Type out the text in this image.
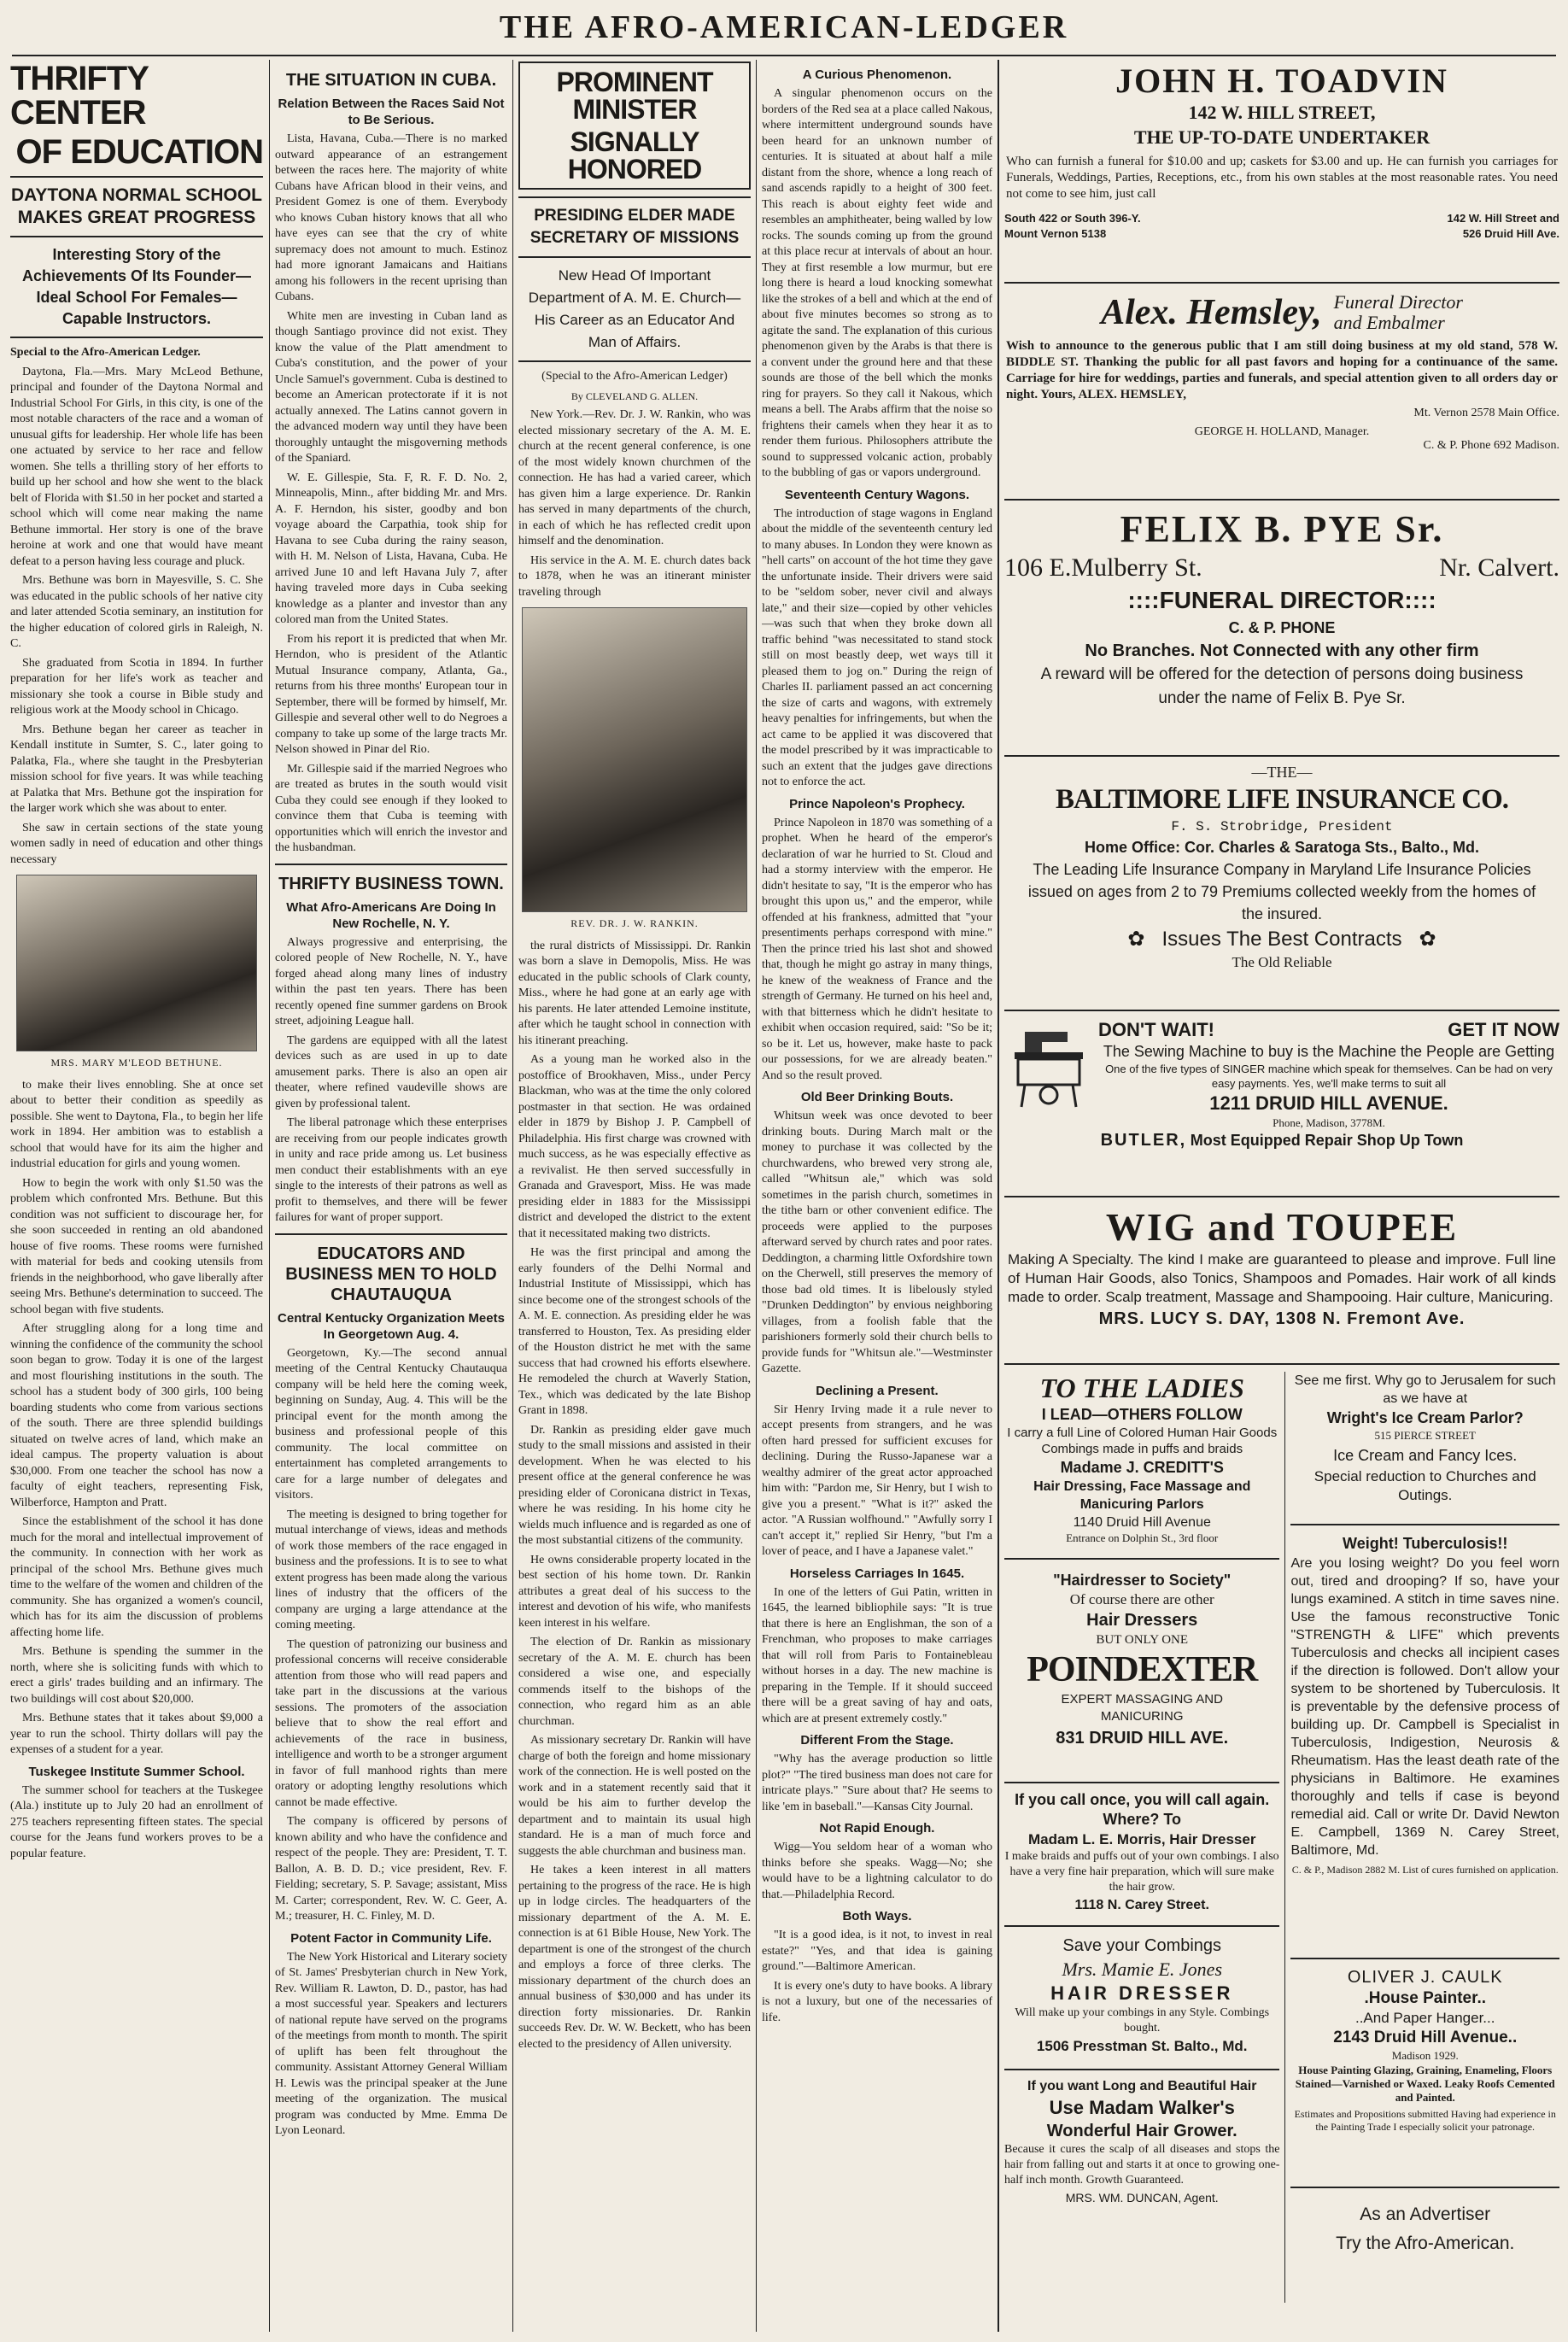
THE AFRO-AMERICAN-LEDGER
THRIFTY CENTER
OF EDUCATION
DAYTONA NORMAL SCHOOL MAKES GREAT PROGRESS
Interesting Story of the Achievements Of Its Founder—Ideal School For Females—Capable Instructors.

Special to the Afro-American Ledger.

Daytona, Fla.—Mrs. Mary McLeod Bethune, principal and founder of the Daytona Normal and Industrial School For Girls, in this city, is one of the most notable characters of the race and a woman of unusual gifts for leadership. Her whole life has been one actuated by service to her race and fellow women. She tells a thrilling story of her efforts to build up her school and how she went to the black belt of Florida with $1.50 in her pocket and started a school which will come near making the name Bethune immortal. Her story is one of the brave heroine at work and one that would have meant defeat to a person having less courage and pluck.

Mrs. Bethune was born in Mayesville, S. C. She was educated in the public schools of her native city and later attended Scotia seminary, an institution for the higher education of colored girls in Raleigh, N. C.

She graduated from Scotia in 1894. In further preparation for her life's work as teacher and missionary she took a course in Bible study and religious work at the Moody school in Chicago.

Mrs. Bethune began her career as teacher in Kendall institute in Sumter, S. C., later going to Palatka, Fla., where she taught in the Presbyterian mission school for five years. It was while teaching at Palatka that Mrs. Bethune got the inspiration for the larger work which she was about to enter.

She saw in certain sections of the state young women sadly in need of education and other things necessary

MRS. MARY M'LEOD BETHUNE.

to make their lives ennobling. She at once set about to better their condition as speedily as possible. She went to Daytona, Fla., to begin her life work in 1894. Her ambition was to establish a school that would have for its aim the higher and industrial education for girls and young women.

How to begin the work with only $1.50 was the problem which confronted Mrs. Bethune. But this condition was not sufficient to discourage her, for she soon succeeded in renting an old abandoned house of five rooms. These rooms were furnished with material for beds and cooking utensils from friends in the neighborhood, who gave liberally after seeing Mrs. Bethune's determination to succeed. The school began with five students.

After struggling along for a long time and winning the confidence of the community the school soon began to grow. Today it is one of the largest and most flourishing institutions in the south. The school has a student body of 300 girls, 100 being boarding students who come from various sections of the south. There are three splendid buildings situated on twelve acres of land, which make an ideal campus. The property valuation is about $30,000. From one teacher the school has now a faculty of eight teachers, representing Fisk, Wilberforce, Hampton and Pratt.

Since the establishment of the school it has done much for the moral and intellectual improvement of the community. In connection with her work as principal of the school Mrs. Bethune gives much time to the welfare of the women and children of the community. She has organized a women's council, which has for its aim the discussion of problems affecting home life.

Mrs. Bethune is spending the summer in the north, where she is soliciting funds with which to erect a girls' trades building and an infirmary. The two buildings will cost about $20,000.

Mrs. Bethune states that it takes about $9,000 a year to run the school. Thirty dollars will pay the expenses of a student for a year.

Tuskegee Institute Summer School.

The summer school for teachers at the Tuskegee (Ala.) institute up to July 20 had an enrollment of 275 teachers representing fifteen states. The special course for the Jeans fund workers proves to be a popular feature.

THE SITUATION IN CUBA.
Relation Between the Races Said Not to Be Serious.

Lista, Havana, Cuba.—There is no marked outward appearance of an estrangement between the races here. The majority of white Cubans have African blood in their veins, and President Gomez is one of them. Everybody who knows Cuban history knows that all who have eyes can see that the cry of white supremacy does not amount to much. Estinoz had more ignorant Jamaicans and Haitians among his followers in the recent uprising than Cubans.

White men are investing in Cuban land as though Santiago province did not exist. They know the value of the Platt amendment to Cuba's constitution, and the power of your Uncle Samuel's government. Cuba is destined to become an American protectorate if it is not actually annexed. The Latins cannot govern in the advanced modern way until they have been thoroughly untaught the misgoverning methods of the Spaniard.

W. E. Gillespie, Sta. F, R. F. D. No. 2, Minneapolis, Minn., after bidding Mr. and Mrs. A. F. Herndon, his sister, goodby and bon voyage aboard the Carpathia, took ship for Havana to see Cuba during the rainy season, with H. M. Nelson of Lista, Havana, Cuba. He arrived June 10 and left Havana July 7, after having traveled more days in Cuba seeking knowledge as a planter and investor than any colored man from the United States.

From his report it is predicted that when Mr. Herndon, who is president of the Atlantic Mutual Insurance company, Atlanta, Ga., returns from his three months' European tour in September, there will be formed by himself, Mr. Gillespie and several other well to do Negroes a company to take up some of the large tracts Mr. Nelson showed in Pinar del Rio.

Mr. Gillespie said if the married Negroes who are treated as brutes in the south would visit Cuba they could see enough if they looked to convince them that Cuba is teeming with opportunities which will enrich the investor and the husbandman.

THRIFTY BUSINESS TOWN.
What Afro-Americans Are Doing In New Rochelle, N. Y.

Always progressive and enterprising, the colored people of New Rochelle, N. Y., have forged ahead along many lines of industry within the past ten years. There has been recently opened fine summer gardens on Brook street, adjoining League hall.

The gardens are equipped with all the latest devices such as are used in up to date amusement parks. There is also an open air theater, where refined vaudeville shows are given by professional talent.

The liberal patronage which these enterprises are receiving from our people indicates growth in unity and race pride among us. Let business men conduct their establishments with an eye single to the interests of their patrons as well as profit to themselves, and there will be fewer failures for want of proper support.

EDUCATORS AND BUSINESS MEN TO HOLD CHAUTAUQUA
Central Kentucky Organization Meets In Georgetown Aug. 4.

Georgetown, Ky.—The second annual meeting of the Central Kentucky Chautauqua company will be held here the coming week, beginning on Sunday, Aug. 4. This will be the principal event for the month among the business and professional people of this community. The local committee on entertainment has completed arrangements to care for a large number of delegates and visitors.

The meeting is designed to bring together for mutual interchange of views, ideas and methods of work those members of the race engaged in business and the professions. It is to see to what extent progress has been made along the various lines of industry that the officers of the company are urging a large attendance at the coming meeting.

The question of patronizing our business and professional concerns will receive considerable attention from those who will read papers and take part in the discussions at the various sessions. The promoters of the association believe that to show the real effort and achievements of the race in business, intelligence and worth to be a stronger argument in favor of full manhood rights than mere oratory or adopting lengthy resolutions which cannot be made effective.

The company is officered by persons of known ability and who have the confidence and respect of the people. They are: President, T. T. Ballon, A. B. D. D.; vice president, Rev. F. Fielding; secretary, S. P. Savage; assistant, Miss M. Carter; correspondent, Rev. W. C. Geer, A. M.; treasurer, H. C. Finley, M. D.

Potent Factor in Community Life.

The New York Historical and Literary society of St. James' Presbyterian church in New York, Rev. William R. Lawton, D. D., pastor, has had a most successful year. Speakers and lecturers of national repute have served on the programs of the meetings from month to month. The spirit of uplift has been felt throughout the community. Assistant Attorney General William H. Lewis was the principal speaker at the June meeting of the organization. The musical program was conducted by Mme. Emma De Lyon Leonard.

PROMINENT MINISTER
SIGNALLY HONORED
PRESIDING ELDER MADE SECRETARY OF MISSIONS
New Head Of Important Department of A. M. E. Church—His Career as an Educator And Man of Affairs.

(Special to the Afro-American Ledger)

By CLEVELAND G. ALLEN.

New York.—Rev. Dr. J. W. Rankin, who was elected missionary secretary of the A. M. E. church at the recent general conference, is one of the most widely known churchmen of the connection. He has had a varied career, which has given him a large experience. Dr. Rankin has served in many departments of the church, in each of which he has reflected credit upon himself and the denomination.

His service in the A. M. E. church dates back to 1878, when he was an itinerant minister traveling through

REV. DR. J. W. RANKIN.

the rural districts of Mississippi. Dr. Rankin was born a slave in Demopolis, Miss. He was educated in the public schools of Clark county, Miss., where he had gone at an early age with his parents. He later attended Lemoine institute, after which he taught school in connection with his itinerant preaching.

As a young man he worked also in the postoffice of Brookhaven, Miss., under Percy Blackman, who was at the time the only colored postmaster in that section. He was ordained elder in 1879 by Bishop J. P. Campbell of Philadelphia. His first charge was crowned with much success, as he was especially effective as a revivalist. He then served successfully in Granada and Gravesport, Miss. He was made presiding elder in 1883 for the Mississippi district and developed the district to the extent that it necessitated making two districts.

He was the first principal and among the early founders of the Delhi Normal and Industrial Institute of Mississippi, which has since become one of the strongest schools of the A. M. E. connection. As presiding elder he was transferred to Houston, Tex. As presiding elder of the Houston district he met with the same success that had crowned his efforts elsewhere. He remodeled the church at Waverly Station, Tex., which was dedicated by the late Bishop Grant in 1898.

Dr. Rankin as presiding elder gave much study to the small missions and assisted in their development. When he was elected to his present office at the general conference he was presiding elder of Coronicana district in Texas, where he was residing. In his home city he wields much influence and is regarded as one of the most substantial citizens of the community.

He owns considerable property located in the best section of his home town. Dr. Rankin attributes a great deal of his success to the interest and devotion of his wife, who manifests keen interest in his welfare.

The election of Dr. Rankin as missionary secretary of the A. M. E. church has been considered a wise one, and especially commends itself to the bishops of the connection, who regard him as an able churchman.

As missionary secretary Dr. Rankin will have charge of both the foreign and home missionary work of the connection. He is well posted on the work and in a statement recently said that it would be his aim to further develop the department and to maintain its usual high standard. He is a man of much force and suggests the able churchman and business man.

He takes a keen interest in all matters pertaining to the progress of the race. He is high up in lodge circles. The headquarters of the missionary department of the A. M. E. connection is at 61 Bible House, New York. The department is one of the strongest of the church and employs a force of three clerks. The missionary department of the church does an annual business of $30,000 and has under its direction forty missionaries. Dr. Rankin succeeds Rev. Dr. W. W. Beckett, who has been elected to the presidency of Allen university.

A Curious Phenomenon.

A singular phenomenon occurs on the borders of the Red sea at a place called Nakous, where intermittent underground sounds have been heard for an unknown number of centuries. It is situated at about half a mile distant from the shore, whence a long reach of sand ascends rapidly to a height of 300 feet. This reach is about eighty feet wide and resembles an amphitheater, being walled by low rocks. The sounds coming up from the ground at this place recur at intervals of about an hour. They at first resemble a low murmur, but ere long there is heard a loud knocking somewhat like the strokes of a bell and which at the end of about five minutes becomes so strong as to agitate the sand. The explanation of this curious phenomenon given by the Arabs is that there is a convent under the ground here and that these sounds are those of the bell which the monks ring for prayers. So they call it Nakous, which means a bell. The Arabs affirm that the noise so frightens their camels when they hear it as to render them furious. Philosophers attribute the sound to suppressed volcanic action, probably to the bubbling of gas or vapors underground.

Seventeenth Century Wagons.

The introduction of stage wagons in England about the middle of the seventeenth century led to many abuses. In London they were known as "hell carts" on account of the hot time they gave the unfortunate inside. Their drivers were said to be "seldom sober, never civil and always late," and their size—copied by other vehicles—was such that when they broke down all traffic behind "was necessitated to stand stock still on most beastly deep, wet ways till it pleased them to jog on." During the reign of Charles II. parliament passed an act concerning the size of carts and wagons, with extremely heavy penalties for infringements, but when the act came to be applied it was discovered that the model prescribed by it was impracticable to such an extent that the judges gave directions not to enforce the act.

Prince Napoleon's Prophecy.

Prince Napoleon in 1870 was something of a prophet. When he heard of the emperor's declaration of war he hurried to St. Cloud and had a stormy interview with the emperor. He didn't hesitate to say, "It is the emperor who has brought this upon us," and the emperor, while offended at his frankness, admitted that "your presentiments perhaps correspond with mine." Then the prince tried his last shot and showed that, though he might go astray in many things, he knew of the weakness of France and the strength of Germany. He turned on his heel and, with that bitterness which he didn't hesitate to exhibit when occasion required, said: "So be it; so be it. Let us, however, make haste to pack our possessions, for we are already beaten." And so the result proved.

Old Beer Drinking Bouts.

Whitsun week was once devoted to beer drinking bouts. During March malt or the money to purchase it was collected by the churchwardens, who brewed very strong ale, called "Whitsun ale," which was sold sometimes in the parish church, sometimes in the tithe barn or other convenient edifice. The proceeds were applied to the purposes afterward served by church rates and poor rates. Deddington, a charming little Oxfordshire town on the Cherwell, still preserves the memory of those bad old times. It is libelously styled "Drunken Deddington" by envious neighboring villages, from a foolish fable that the parishioners formerly sold their church bells to provide funds for "Whitsun ale."—Westminster Gazette.

Declining a Present.

Sir Henry Irving made it a rule never to accept presents from strangers, and he was often hard pressed for sufficient excuses for declining. During the Russo-Japanese war a wealthy admirer of the great actor approached him with: "Pardon me, Sir Henry, but I wish to give you a present." "What is it?" asked the actor. "A Russian wolfhound." "Awfully sorry I can't accept it," replied Sir Henry, "but I'm a lover of peace, and I have a Japanese valet."

Horseless Carriages In 1645.

In one of the letters of Gui Patin, written in 1645, the learned bibliophile says: "It is true that there is here an Englishman, the son of a Frenchman, who proposes to make carriages that will roll from Paris to Fontainebleau without horses in a day. The new machine is preparing in the Temple. If it should succeed there will be a great saving of hay and oats, which are at present extremely costly."

Different From the Stage.

"Why has the average production so little plot?" "The tired business man does not care for intricate plays." "Sure about that? He seems to like 'em in baseball."—Kansas City Journal.

Not Rapid Enough.

Wigg—You seldom hear of a woman who thinks before she speaks. Wagg—No; she would have to be a lightning calculator to do that.—Philadelphia Record.

Both Ways.

"It is a good idea, is it not, to invest in real estate?" "Yes, and that idea is gaining ground."—Baltimore American.

It is every one's duty to have books. A library is not a luxury, but one of the necessaries of life.

JOHN H. TOADVIN
142 W. HILL STREET,
THE UP-TO-DATE UNDERTAKER
Who can furnish a funeral for $10.00 and up; caskets for $3.00 and up. He can furnish you carriages for Funerals, Weddings, Parties, Receptions, etc., from his own stables at the most reasonable rates. You need not come to see him, just call
South 422 or South 396-Y.
Mount Vernon 5138
142 W. Hill Street and
526 Druid Hill Ave.
Alex. Hemsley, Funeral Director
and Embalmer
Wish to announce to the generous public that I am still doing business at my old stand, 578 W. BIDDLE ST. Thanking the public for all past favors and hoping for a continuance of the same. Carriage for hire for weddings, parties and funerals, and special attention given to all orders day or night. Yours, ALEX. HEMSLEY,
Mt. Vernon 2578 Main Office.
GEORGE H. HOLLAND, Manager.
C. & P. Phone 692 Madison.
FELIX B. PYE Sr.
106 E.Mulberry St.	Nr. Calvert.
::::FUNERAL DIRECTOR::::
C. & P. PHONE
No Branches. Not Connected with any other firm
A reward will be offered for the detection of persons doing business under the name of Felix B. Pye Sr.
—THE—
BALTIMORE LIFE INSURANCE CO.
F. S. Strobridge, President
Home Office: Cor. Charles & Saratoga Sts., Balto., Md.
The Leading Life Insurance Company in Maryland Life Insurance Policies issued on ages from 2 to 79 Premiums collected weekly from the homes of the insured.
✿ Issues The Best Contracts ✿
The Old Reliable
DON'T WAIT!	GET IT NOW
The Sewing Machine to buy is the Machine the People are Getting
One of the five types of SINGER machine which speak for themselves. Can be had on very easy payments. Yes, we'll make terms to suit all
1211 DRUID HILL AVENUE.
Phone, Madison, 3778M.
BUTLER, Most Equipped Repair Shop Up Town
WIG and TOUPEE
Making A Specialty. The kind I make are guaranteed to please and improve. Full line of Human Hair Goods, also Tonics, Shampoos and Pomades. Hair work of all kinds made to order. Scalp treatment, Massage and Shampooing. Hair culture, Manicuring.
MRS. LUCY S. DAY, 1308 N. Fremont Ave.
TO THE LADIES
I LEAD—OTHERS FOLLOW
I carry a full Line of Colored Human Hair Goods Combings made in puffs and braids
Madame J. CREDITT'S
Hair Dressing, Face Massage and Manicuring Parlors
1140 Druid Hill Avenue
Entrance on Dolphin St., 3rd floor
"Hairdresser to Society"
Of course there are other
Hair Dressers
BUT ONLY ONE
POINDEXTER
EXPERT MASSAGING AND MANICURING
831 DRUID HILL AVE.
If you call once, you will call again. Where? To
Madam L. E. Morris, Hair Dresser
I make braids and puffs out of your own combings. I also have a very fine hair preparation, which will sure make the hair grow.
1118 N. Carey Street.
Save your Combings
Mrs. Mamie E. Jones
HAIR DRESSER
Will make up your combings in any Style. Combings bought.
1506 Presstman St. Balto., Md.
If you want Long and Beautiful Hair
Use Madam Walker's
Wonderful Hair Grower.
Because it cures the scalp of all diseases and stops the hair from falling out and starts it at once to growing one-half inch month. Growth Guaranteed.
MRS. WM. DUNCAN, Agent.
See me first. Why go to Jerusalem for such as we have at
Wright's Ice Cream Parlor?
515 PIERCE STREET
Ice Cream and Fancy Ices.
Special reduction to Churches and Outings.
Weight! Tuberculosis!!
Are you losing weight? Do you feel worn out, tired and drooping? If so, have your lungs examined. A stitch in time saves nine. Use the famous reconstructive Tonic "STRENGTH & LIFE" which prevents Tuberculosis and checks all incipient cases if the direction is followed. Don't allow your system to be shortened by Tuberculosis. It is preventable by the defensive process of building up. Dr. Campbell is Specialist in Tuberculosis, Indigestion, Neurosis & Rheumatism. Has the least death rate of the physicians in Baltimore. He examines thoroughly and tells if case is beyond remedial aid. Call or write Dr. David Newton E. Campbell, 1369 N. Carey Street, Baltimore, Md.
C. & P., Madison 2882 M. List of cures furnished on application.
OLIVER J. CAULK
.House Painter..
..And Paper Hanger...
2143 Druid Hill Avenue..
Madison 1929.
House Painting Glazing, Graining, Enameling, Floors Stained—Varnished or Waxed. Leaky Roofs Cemented and Painted.
Estimates and Propositions submitted Having had experience in the Painting Trade I especially solicit your patronage.
As an Advertiser
Try the Afro-American.
